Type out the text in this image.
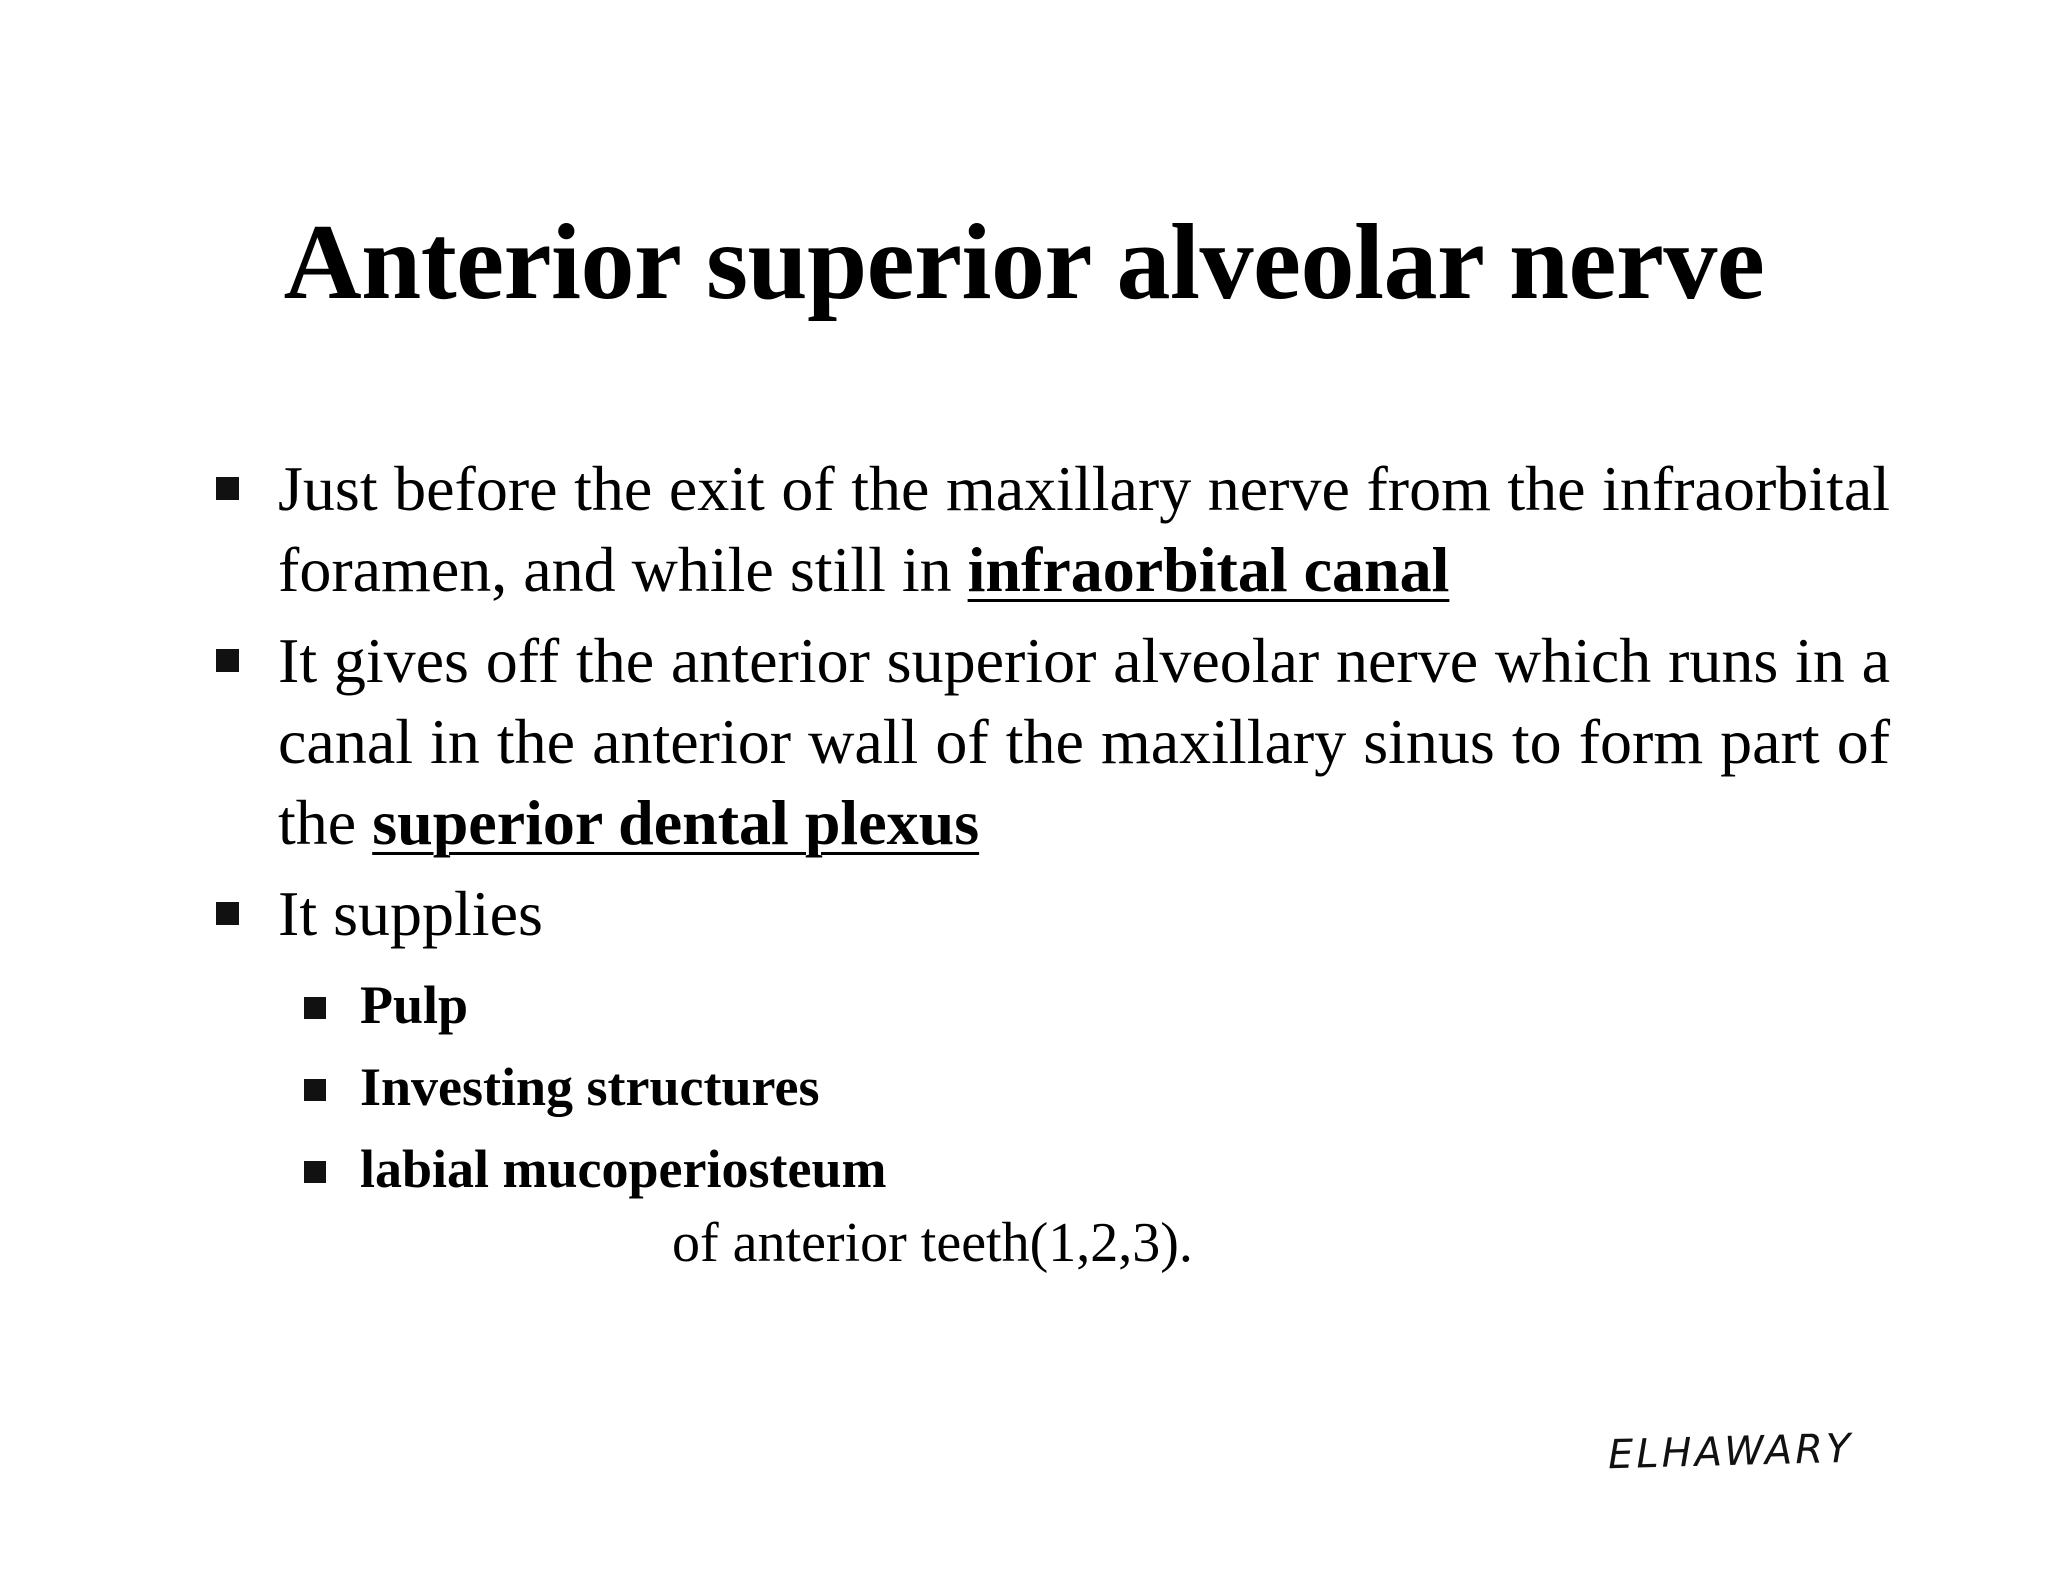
Anterior superior alveolar nerve
Just before the exit of the maxillary nerve from the infraorbital foramen, and while still in infraorbital canal
It gives off the anterior superior alveolar nerve which runs in a canal in the anterior wall of the maxillary sinus to form part of the superior dental plexus
It supplies
Pulp
Investing structures
labial mucoperiosteum
of anterior teeth(1,2,3).
ELHAWARY
